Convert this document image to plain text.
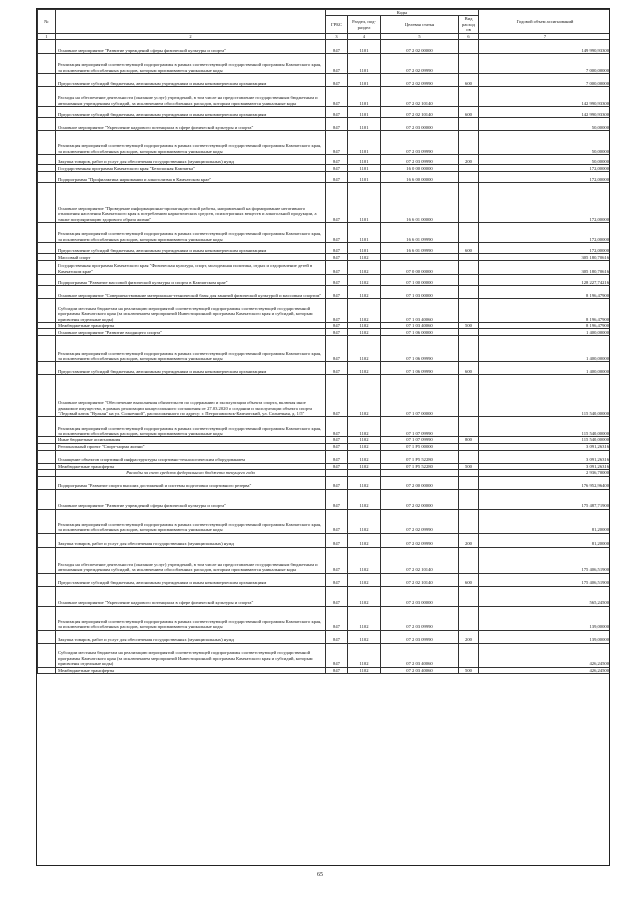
№		Коды				Годовой объем ассигнований
		ГРБС	Раздел, под-раздел	Целевая статья	Вид расходов	
1	2	3	4	5	6	7
	Основное мероприятие "Развитие учреждений сферы физической культуры и спорта"	847	1101	07 2 02 00000		149 990,93300
	Реализация мероприятий соответствующей подпрограммы в рамках соответствующей государственной программы Камчатского края, за исключением обособленных расходов, которым присваиваются уникальные коды	847	1101	07 2 02 09990		7 000,00000
	Предоставление субсидий бюджетным, автономным учреждениям и иным некоммерческим организациям	847	1101	07 2 02 09990	600	7 000,00000
	Расходы на обеспечение деятельности (оказание услуг) учреждений, в том числе на предоставление государственным бюджетным и автономным учреждениям субсидий, за исключением обособленных расходов, которым присваиваются уникальные коды	847	1101	07 2 02 10140		142 990,93300
	Предоставление субсидий бюджетным, автономным учреждениям и иным некоммерческим организациям	847	1101	07 2 02 10140	600	142 990,93300
	Основное мероприятие "Укрепление кадрового потенциала в сфере физической культуры и спорта"	847	1101	07 2 03 00000		50,00000
	Реализация мероприятий соответствующей подпрограммы в рамках соответствующей государственной программы Камчатского края, за исключением обособленных расходов, которым присваиваются уникальные коды	847	1101	07 2 03 09990		50,00000
	Закупка товаров, работ и услуг для обеспечения государственных (муниципальных) нужд	847	1101	07 2 03 09990	200	50,00000
	Государственная программа Камчатского края "Безопасная Камчатка"	847	1101	16 0 00 00000		172,00000
	Подпрограмма "Профилактика наркомании и алкоголизма в Камчатском крае"	847	1101	16 6 00 00000		172,00000
	Основное мероприятие "Проведение информационно-пропагандистской работы, направленной на формирование негативного отношения населения Камчатского края к потреблению наркотических средств, психотропных веществ и алкогольной продукции, а также популяризацию здорового образа жизни"	847	1101	16 6 01 00000		172,00000
	Реализация мероприятий соответствующей подпрограммы в рамках соответствующей государственной программы Камчатского края, за исключением обособленных расходов, которым присваиваются уникальные коды	847	1101	16 6 01 09990		172,00000
	Предоставление субсидий бюджетным, автономным учреждениям и иным некоммерческим организациям	847	1101	16 6 01 09990	600	172,00000
	Массовый спорт	847	1102			305 180,70616
	Государственная программа Камчатского края "Физическая культура, спорт, молодежная политика, отдых и оздоровление детей в Камчатском крае"	847	1102	07 0 00 00000		305 180,70616
	Подпрограмма "Развитие массовой физической культуры и спорта в Камчатском крае"	847	1102	07 1 00 00000		128 227,74216
	Основное мероприятие "Совершенствование материально-технической базы для занятий физической культурой и массовым спортом"	847	1102	07 1 03 00000		8 196,47900
	Субсидии местным бюджетам на реализацию мероприятий соответствующей подпрограммы соответствующей государственной программы Камчатского края (за исключением мероприятий Инвестиционной программы Камчатского края и субсидий, которым присвоены отдельные коды)	847	1102	07 1 03 40060		8 196,47900
	Межбюджетные трансферты	847	1102	07 1 03 40060	500	8 196,47900
	Основное мероприятие "Развитие входящего спорта"	847	1102	07 1 06 00000		1 400,00000
	Реализация мероприятий соответствующей подпрограммы в рамках соответствующей государственной программы Камчатского края, за исключением обособленных расходов, которым присваиваются уникальные коды	847	1102	07 1 06 09990		1 400,00000
	Предоставление субсидий бюджетным, автономным учреждениям и иным некоммерческим организациям	847	1102	07 1 06 09990	600	1 400,00000
	Основное мероприятие "Обеспечение выполнения обязательств по содержанию и эксплуатации объекта спорта, включая иное движимое имущество, в рамках реализации концессионного соглашения от 27.03.2020 о создании и эксплуатации объекта спорта "Ледовый каток "Вулкан" на ул. Солнечной", расположенного по адресу: г. Петропавловск-Камчатский, ул. Солнечная, д. 1/5"	847	1102	07 1 07 00000		115 540,00000
	Реализация мероприятий соответствующей подпрограммы в рамках соответствующей государственной программы Камчатского края, за исключением обособленных расходов, которым присваиваются уникальные коды	847	1102	07 1 07 09990		115 540,00000
	Иные бюджетные ассигнования	847	1102	07 1 07 09990	800	115 540,00000
	Региональный проект "Спорт-норма жизни"	847	1102	07 1 P5 00000		3 091,26316
	Оснащение объектов спортивной инфраструктуры спортивно-технологическим оборудованием	847	1102	07 1 P5 52280		3 091,26316
	Межбюджетные трансферты	847	1102	07 1 P5 52280	500	3 091,26316
	Расходы за счет средств федерального бюджета текущего года					2 936,70000
	Подпрограмма "Развитие спорта высших достижений и системы подготовки спортивного резерва"	847	1102	07 2 00 00000		176 952,96400
	Основное мероприятие "Развитие учреждений сферы физической культуры и спорта"	847	1102	07 2 02 00000		175 487,71900
	Реализация мероприятий соответствующей подпрограммы в рамках соответствующей государственной программы Камчатского края, за исключением обособленных расходов, которым присваиваются уникальные коды	847	1102	07 2 02 09990		81,20000
	Закупка товаров, работ и услуг для обеспечения государственных (муниципальных) нужд	847	1102	07 2 02 09990	200	81,20000
	Расходы на обеспечение деятельности (оказание услуг) учреждений, в том числе на предоставление государственным бюджетным и автономным учреждениям субсидий, за исключением обособленных расходов, которым присваиваются уникальные коды	847	1102	07 2 02 10140		175 406,51900
	Предоставление субсидий бюджетным, автономным учреждениям и иным некоммерческим организациям	847	1102	07 2 02 10140	600	175 406,51900
	Основное мероприятие "Укрепление кадрового потенциала в сфере физической культуры и спорта"	847	1102	07 2 03 00000		565,24500
	Реализация мероприятий соответствующей подпрограммы в рамках соответствующей государственной программы Камчатского края, за исключением обособленных расходов, которым присваиваются уникальные коды	847	1102	07 2 03 09990		139,00000
	Закупка товаров, работ и услуг для обеспечения государственных (муниципальных) нужд	847	1102	07 2 03 09990	200	139,00000
	Субсидии местным бюджетам на реализацию мероприятий соответствующей подпрограммы соответствующей государственной программы Камчатского края (за исключением мероприятий Инвестиционной программы Камчатского края и субсидий, которым присвоены отдельные коды)	847	1102	07 2 03 40060		426,24500
	Межбюджетные трансферты	847	1102	07 2 03 40060	500	426,24500
65
